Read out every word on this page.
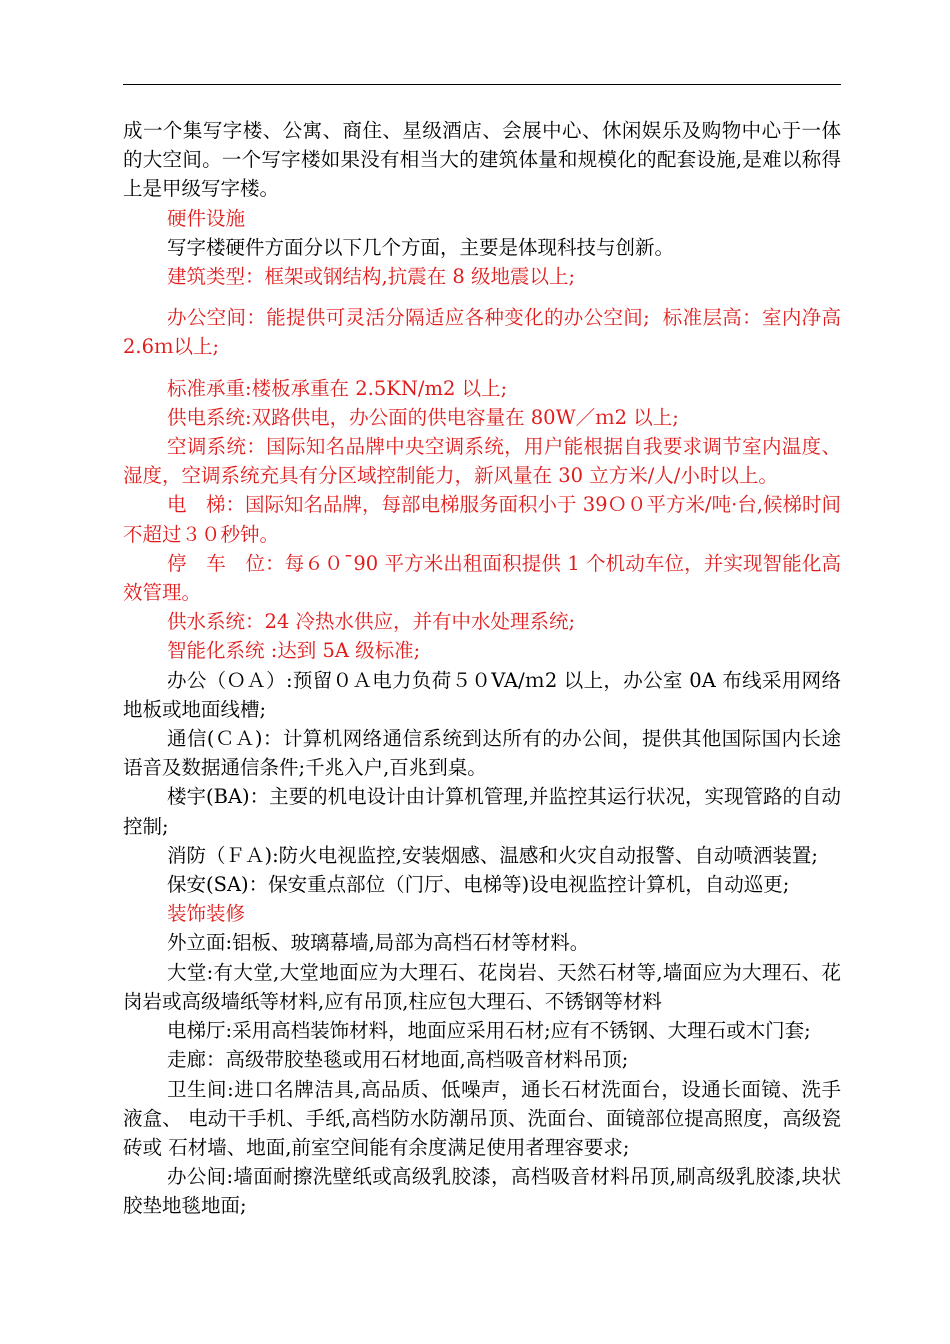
成一个集写字楼、公寓、商住、星级酒店、会展中心、休闲娱乐及购物中心于一体的大空间。一个写字楼如果没有相当大的建筑体量和规模化的配套设施,是难以称得上是甲级写字楼。

硬件设施

写字楼硬件方面分以下几个方面，主要是体现科技与创新。

建筑类型：框架或钢结构,抗震在 8 级地震以上;

办公空间：能提供可灵活分隔适应各种变化的办公空间; ﻿ 标准层高：室内净高 2.6ｍ以上;

标准承重:楼板承重在 2.5KN/m2 以上;

供电系统:双路供电，办公面的供电容量在 80W／ｍ2 以上;

空调系统：国际知名品牌中央空调系统，用户能根据自我要求调节室内温度、湿度，空调系统充具有分区域控制能力，新风量在 30 立方米/人/小时以上。

电　梯：国际知名品牌，每部电梯服务面积小于 39Ｏ０平方米/吨·台,候梯时间不超过３０秒钟。

停　车　位：每６０¯90 平方米出租面积提供 1 个机动车位，并实现智能化高效管理。

供水系统：24 冷热水供应，并有中水处理系统;

智能化系统 :达到 5A 级标准;

办公（ＯＡ）:预留０Ａ电力负荷５０VA/ｍ2 以上，办公室 0A 布线采用网络地板或地面线槽;

通信(ＣＡ)：计算机网络通信系统到达所有的办公间，提供其他国际国内长途语音及数据通信条件;千兆入户,百兆到桌。

楼宇(BA)：主要的机电设计由计算机管理,并监控其运行状况，实现管路的自动控制;

消防（ＦＡ):防火电视监控,安装烟感、温感和火灾自动报警、自动喷洒装置;

保安(SA)：保安重点部位（门厅、电梯等)设电视监控计算机，自动巡更;

装饰装修

外立面:铝板、玻璃幕墙,局部为高档石材等材料。

大堂:有大堂,大堂地面应为大理石、花岗岩、天然石材等,墙面应为大理石、花岗岩或高级墙纸等材料,应有吊顶,柱应包大理石、不锈钢等材料

电梯厅:采用高档装饰材料，地面应采用石材;应有不锈钢、大理石或木门套;

走廊：高级带胶垫毯或用石材地面,高档吸音材料吊顶;

卫生间:进口名牌洁具,高品质、低噪声，通长石材洗面台，设通长面镜、洗手液盒、 电动干手机、手纸,高档防水防潮吊顶、洗面台、面镜部位提高照度，高级瓷砖或 石材墙、地面,前室空间能有余度满足使用者理容要求;

办公间:墙面耐擦洗壁纸或高级乳胶漆，高档吸音材料吊顶,刷高级乳胶漆,块状胶垫地毯地面;
